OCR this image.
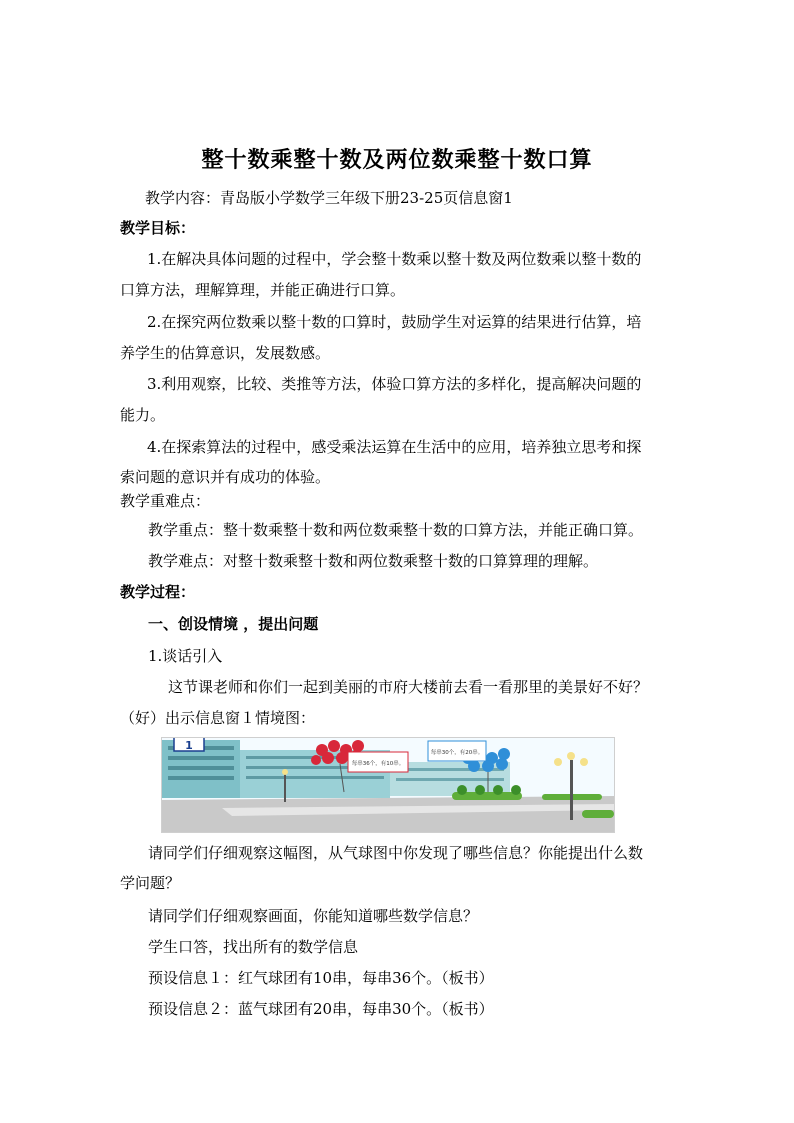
整十数乘整十数及两位数乘整十数口算
教学内容：青岛版小学数学三年级下册23-25页信息窗1
教学目标：
1.在解决具体问题的过程中，学会整十数乘以整十数及两位数乘以整十数的
口算方法，理解算理，并能正确进行口算。
2.在探究两位数乘以整十数的口算时，鼓励学生对运算的结果进行估算，培
养学生的估算意识，发展数感。
3.利用观察，比较、类推等方法，体验口算方法的多样化，提高解决问题的
能力。
4.在探索算法的过程中，感受乘法运算在生活中的应用，培养独立思考和探
索问题的意识并有成功的体验。
教学重难点：
教学重点：整十数乘整十数和两位数乘整十数的口算方法，并能正确口算。
教学难点：对整十数乘整十数和两位数乘整十数的口算算理的理解。
教学过程：
一、创设情境 ，提出问题
1.谈话引入
这节课老师和你们一起到美丽的市府大楼前去看一看那里的美景好不好？
（好）出示信息窗１情境图：
1
每串36个，有10串。
每串30个，有20串。
请同学们仔细观察这幅图，从气球图中你发现了哪些信息？你能提出什么数
学问题？
请同学们仔细观察画面，你能知道哪些数学信息？
学生口答，找出所有的数学信息
预设信息１：红气球团有10串，每串36个。（板书）
预设信息２：蓝气球团有20串，每串30个。（板书）
